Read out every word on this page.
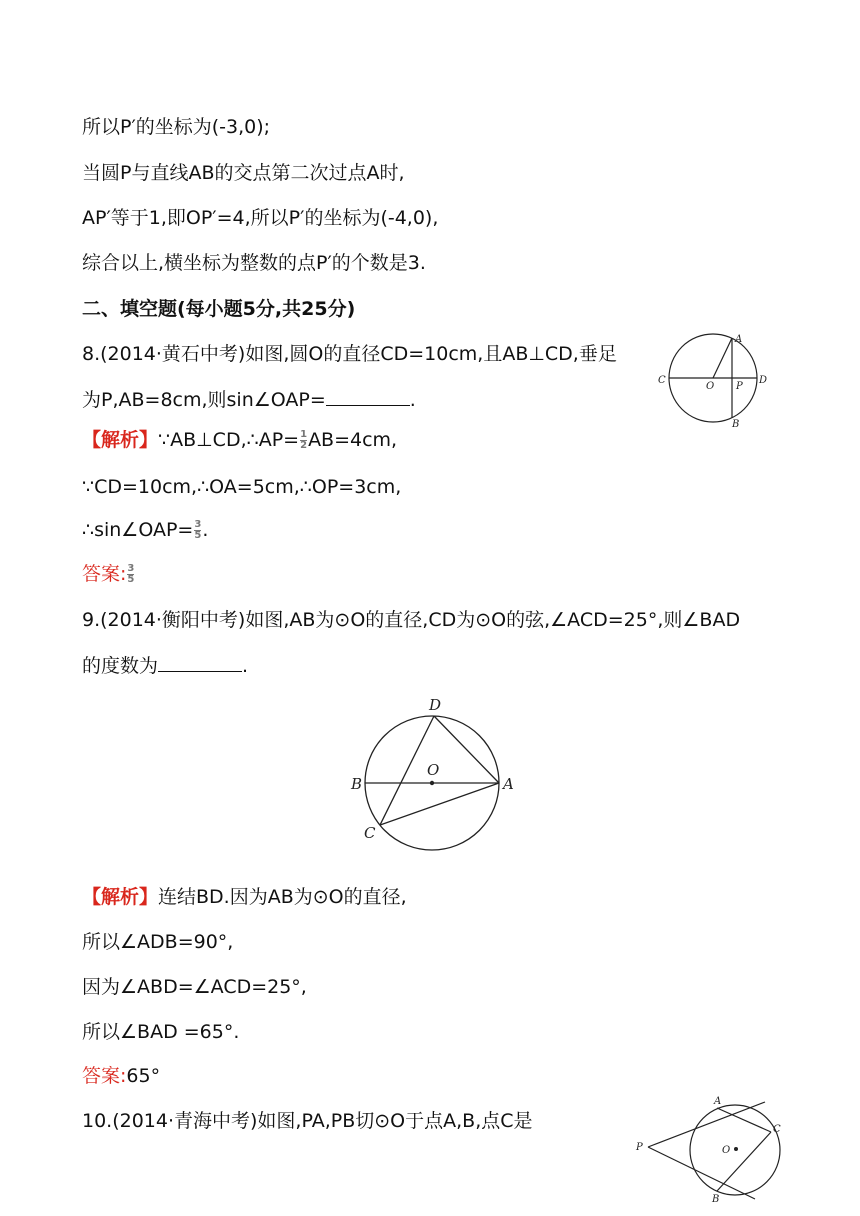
所以P′的坐标为(-3,0);
当圆P与直线AB的交点第二次过点A时,
AP′等于1,即OP′=4,所以P′的坐标为(-4,0),
综合以上,横坐标为整数的点P′的个数是3.
二、填空题(每小题5分,共25分)
8.(2014·黄石中考)如图,圆O的直径CD=10cm,且AB⊥CD,垂足
为P,AB=8cm,则sin∠OAP=	.
【解析】∵AB⊥CD,∴AP= $\frac{1}{2} AB=4cm$,
∵CD=10cm,∴OA=5cm,∴OP=3cm,
∴sin∠OAP= $\frac{3}{5}$ .
答案: $\frac{3}{5}$
A
B
C	D
O P
9.(2014·衡阳中考)如图,AB为⊙O的直径,CD为⊙O的弦,∠ACD=25°,则∠BAD
的度数为	.
D
B	A
O
C
【解析】连结BD.因为AB为⊙O的直径,
所以∠ADB=90°,
因为∠ABD=∠ACD=25°,
所以∠BAD =65°.
答案:65°
10.(2014·青海中考)如图,PA,PB切⊙O于点A,B,点C是
A
B
C
O
P
